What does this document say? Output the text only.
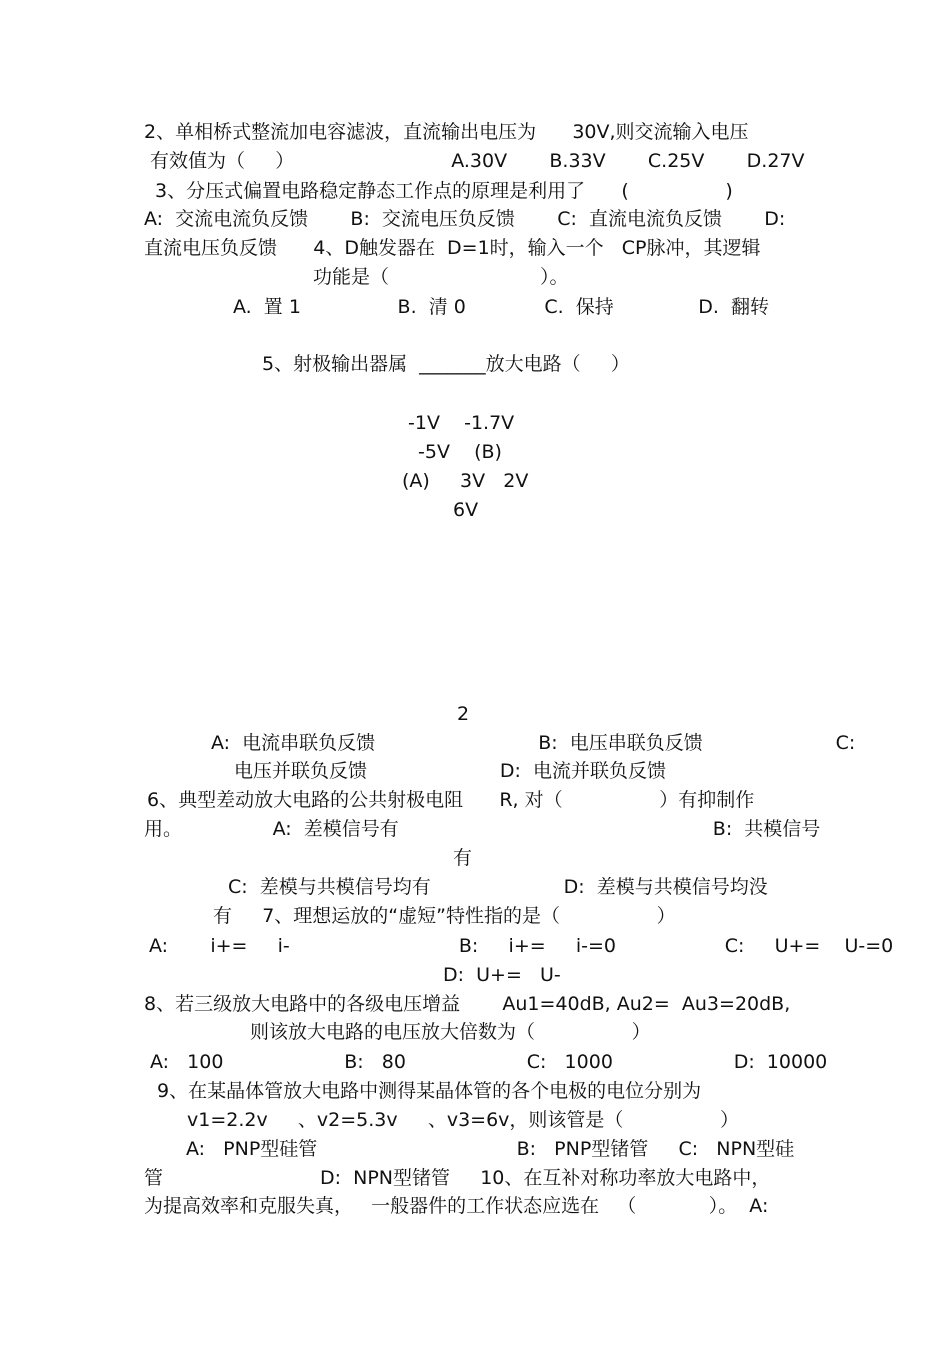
2、单相桥式整流加电容滤波，直流输出电压为      30V,则交流输入电压
有效值为（     ）                          A.30V       B.33V       C.25V       D.27V
3、分压式偏置电路稳定静态工作点的原理是利用了      (                )
A:  交流电流负反馈       B:  交流电压负反馈       C:  直流电流负反馈       D:
直流电压负反馈      4、D触发器在  D=1时，输入一个   CP脉冲，其逻辑
功能是（                         ）。
A.  置 1                B.  清 0             C.  保持              D.  翻转
5、射极输出器属  _______放大电路（     ）
-1V    -1.7V
-5V    (B)
(A)     3V   2V
6V
2
A:  电流串联负反馈                           B:  电压串联负反馈                      C:
电压并联负反馈                      D:  电流并联负反馈
6、典型差动放大电路的公共射极电阻      R, 对（                ）有抑制作
用。               A:  差模信号有                                                    B:  共模信号
有
C:  差模与共模信号均有                      D:  差模与共模信号均没
有     7、理想运放的“虚短”特性指的是（                ）
A:       i+=     i-                            B:     i+=     i-=0                  C:     U+=    U-=0
D:  U+=   U-
8、若三级放大电路中的各级电压增益       Au1=40dB, Au2=  Au3=20dB,
则该放大电路的电压放大倍数为（                ）
A:   100                    B:   80                    C:   1000                    D:  10000
9、在某晶体管放大电路中测得某晶体管的各个电极的电位分别为
v1=2.2v     、v2=5.3v     、v3=6v，则该管是（                ）
A:   PNP型硅管                                 B:   PNP型锗管     C:   NPN型硅
管                          D:  NPN型锗管     10、在互补对称功率放大电路中，
为提高效率和克服失真，   一般器件的工作状态应选在   （            ）。  A:
